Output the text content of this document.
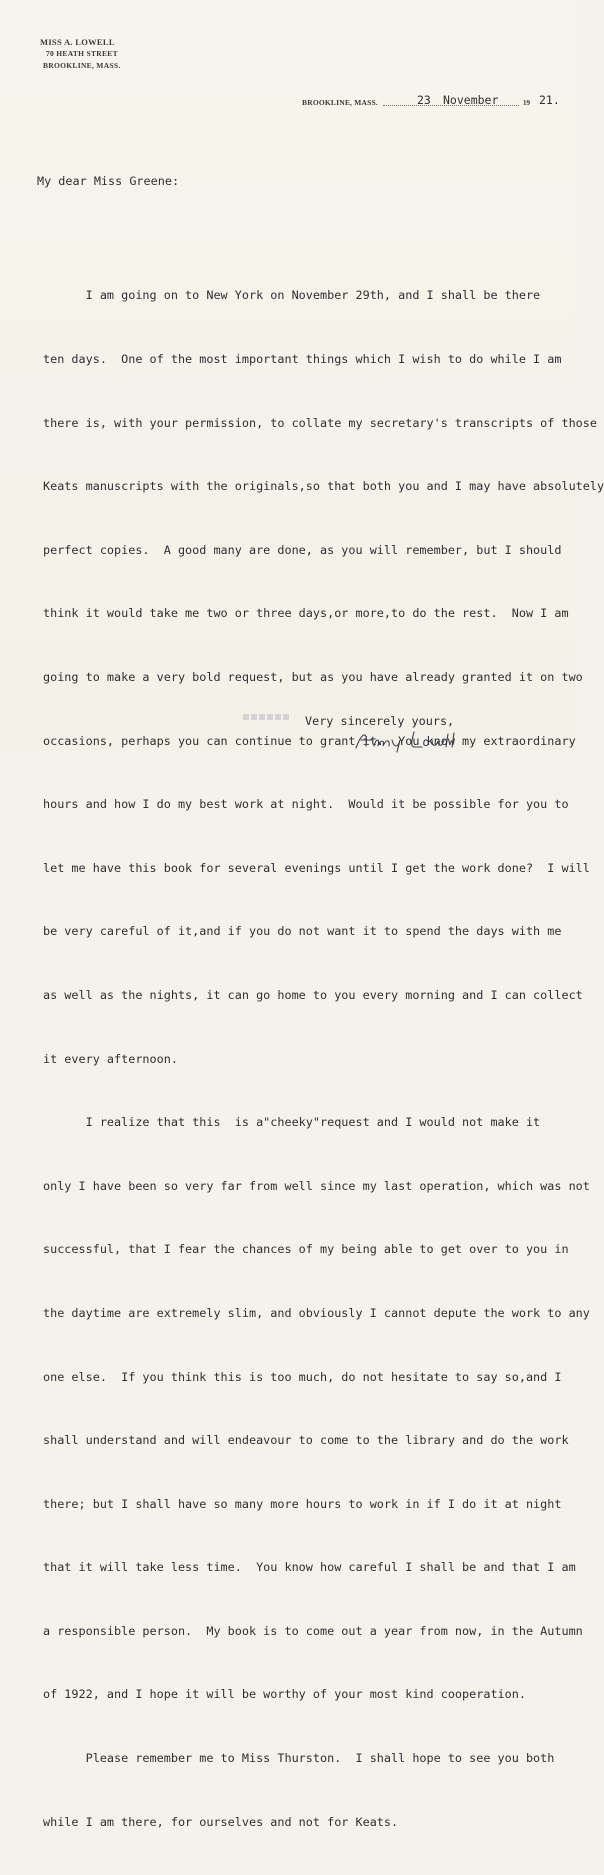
MISS A. LOWELL
70 HEATH STREET
BROOKLINE, MASS.
BROOKLINE, MASS.	23 November	19 21.

My dear Miss Greene:

I am going on to New York on November 29th, and I shall be there

ten days.  One of the most important things which I wish to do while I am

there is, with your permission, to collate my secretary's transcripts of those

Keats manuscripts with the originals,so that both you and I may have absolutely

perfect copies.  A good many are done, as you will remember, but I should

think it would take me two or three days,or more,to do the rest.  Now I am

going to make a very bold request, but as you have already granted it on two

occasions, perhaps you can continue to grant it.  You know my extraordinary

hours and how I do my best work at night.  Would it be possible for you to

let me have this book for several evenings until I get the work done?  I will

be very careful of it,and if you do not want it to spend the days with me

as well as the nights, it can go home to you every morning and I can collect

it every afternoon.

I realize that this  is a"cheeky"request and I would not make it

only I have been so very far from well since my last operation, which was not

successful, that I fear the chances of my being able to get over to you in

the daytime are extremely slim, and obviously I cannot depute the work to any

one else.  If you think this is too much, do not hesitate to say so,and I

shall understand and will endeavour to come to the library and do the work

there; but I shall have so many more hours to work in if I do it at night

that it will take less time.  You know how careful I shall be and that I am

a responsible person.  My book is to come out a year from now, in the Autumn

of 1922, and I hope it will be worthy of your most kind cooperation.

Please remember me to Miss Thurston.  I shall hope to see you both

while I am there, for ourselves and not for Keats.

Very sincerely yours,
